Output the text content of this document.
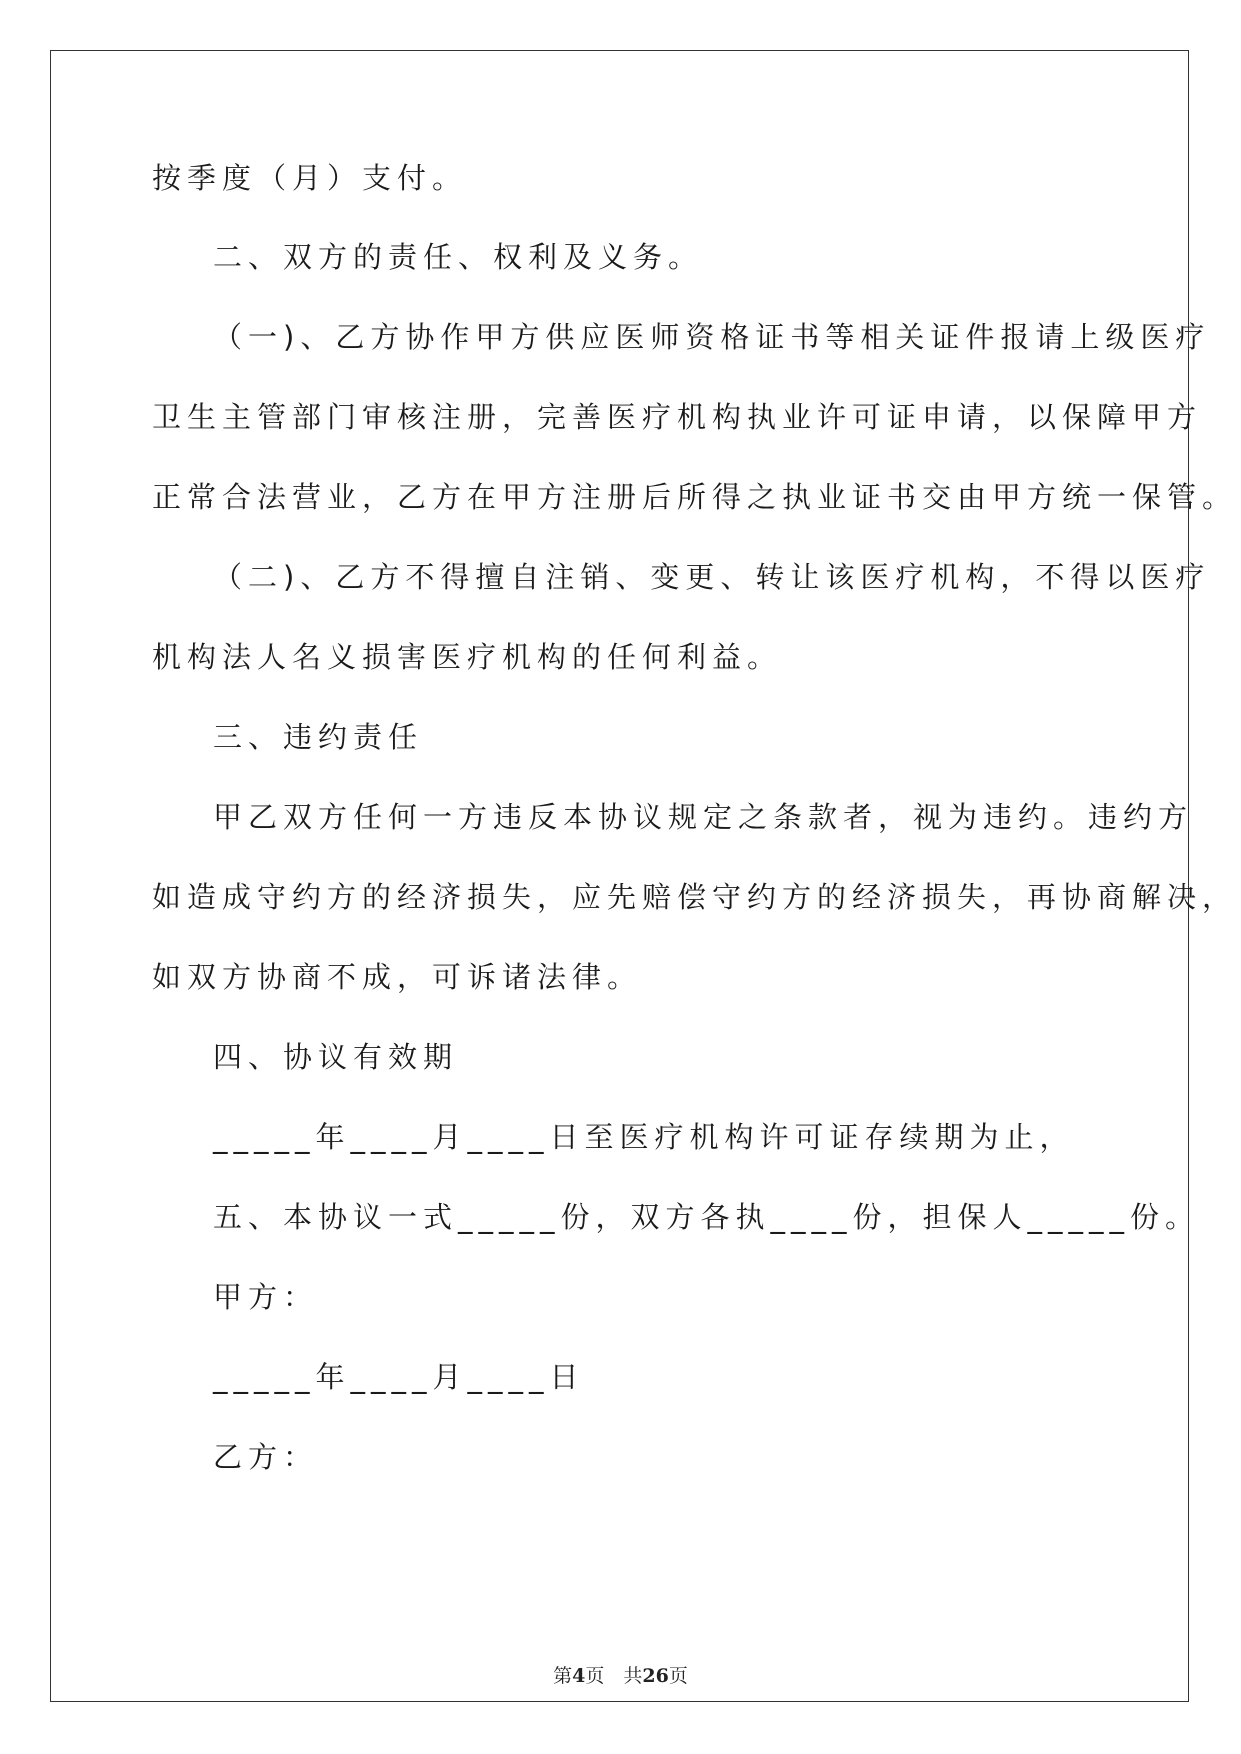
按季度（月）支付。
二、双方的责任、权利及义务。
（一)、乙方协作甲方供应医师资格证书等相关证件报请上级医疗
卫生主管部门审核注册，完善医疗机构执业许可证申请，以保障甲方
正常合法营业，乙方在甲方注册后所得之执业证书交由甲方统一保管。
（二)、乙方不得擅自注销、变更、转让该医疗机构，不得以医疗
机构法人名义损害医疗机构的任何利益。
三、违约责任
甲乙双方任何一方违反本协议规定之条款者，视为违约。违约方
如造成守约方的经济损失，应先赔偿守约方的经济损失，再协商解决，
如双方协商不成，可诉诸法律。
四、协议有效期
_____年____月____日至医疗机构许可证存续期为止，
五、本协议一式_____份，双方各执____份，担保人_____份。
甲方：
_____年____月____日
乙方：
第4页　共26页
